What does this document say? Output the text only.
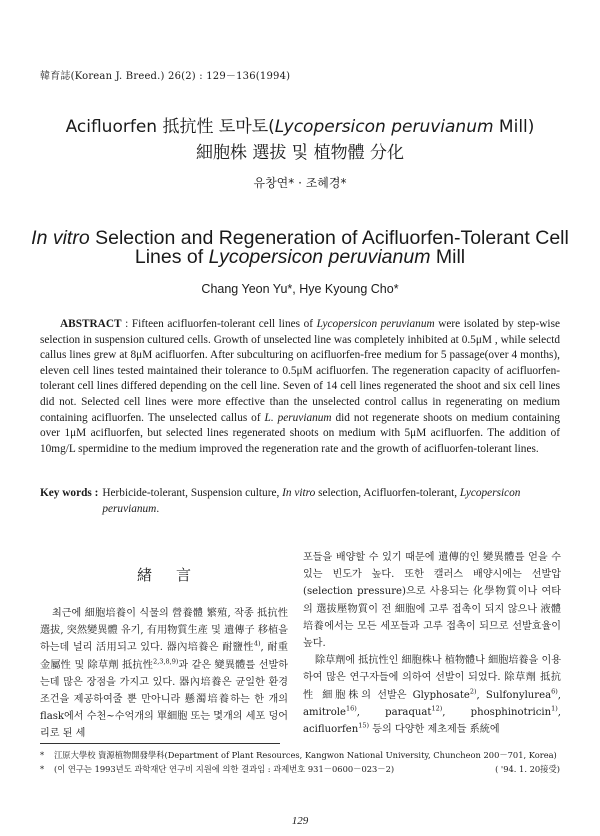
韓育誌(Korean J. Breed.) 26(2) : 129－136(1994)
Acifluorfen 抵抗性 토마토(Lycopersicon peruvianum Mill)
細胞株 選拔 및 植物體 分化
유창연* · 조혜경*
In vitro Selection and Regeneration of Acifluorfen-Tolerant Cell
Lines of Lycopersicon peruvianum Mill
Chang Yeon Yu*, Hye Kyoung Cho*

ABSTRACT : Fifteen acifluorfen-tolerant cell lines of Lycopersicon peruvianum were isolated by step-wise selection in suspension cultured cells. Growth of unselected line was completely inhibited at 0.5μM , while selectd callus lines grew at 8μM acifluorfen. After subculturing on acifluorfen-free medium for 5 passage(over 4 months), eleven cell lines tested maintained their tolerance to 0.5μM acifluorfen. The regeneration capacity of acifluorfen-tolerant cell lines differed depending on the cell line. Seven of 14 cell lines regenerated the shoot and six cell lines did not. Selected cell lines were more effective than the unselected control callus in regenerating on medium containing acifluorfen. The unselected callus of L. peruvianum did not regenerate shoots on medium containing over 1μM acifluorfen, but selected lines regenerated shoots on medium with 5μM acifluorfen. The addition of 10mg/L spermidine to the medium improved the regeneration rate and the growth of acifluorfen-tolerant lines.

Key words : Herbicide-tolerant, Suspension culture, In vitro selection, Acifluorfen-tolerant, Lycopersicon peruvianum.
緖言

최근에 細胞培養이 식물의 營養體 繁殖, 작종 抵抗性 選拔, 突然變異體 유기, 有用物質生產 및 遺傳子 移植을 하는데 널리 活用되고 있다. 器內培養은 耐鹽性$^{4)}$, 耐重金屬性 및 除草劑 抵抗性$^{2,3,8,9)}$과 같은 變異體를 선발하는데 많은 장점을 가지고 있다. 器內培養은 균일한 환경조건을 제공하여줄 뿐 만아니라 懸濁培養하는 한 개의 flask에서 수천~수억개의 單細胞 또는 몇개의 세포 덩어리로 된 세

포들을 배양할 수 있기 때문에 遺傳的인 變異體를 얻을 수 있는 빈도가 높다. 또한 캘러스 배양시에는 선발압(selection pressure)으로 사용되는 化學物質이나 여타의 選拔壓物質이 전 細胞에 고루 접촉이 되지 않으나 液體培養에서는 모든 세포들과 고루 접촉이 되므로 선발효율이 높다.

除草劑에 抵抗性인 細胞株나 植物體나 細胞培養을 이용하여 많은 연구자들에 의하여 선발이 되었다. 除草劑 抵抗性 細胞株의 선발은 Glyphosate$^{2)}$, Sulfonylurea$^{6)}$, amitrole$^{16)}$, paraquat$^{12)}$, phosphinotricin$^{1)}$, acifluorfen$^{15)}$ 등의 다양한 제초제들 系統에

*	江原大學校 資源植物開發學科(Department of Plant Resources, Kangwon National University, Chuncheon 200－701, Korea)
*	(이 연구는 1993년도 과학재단 연구비 지원에 의한 결과임 : 과제번호 931－0600－023－2)	( '94. 1. 20接受)
129
